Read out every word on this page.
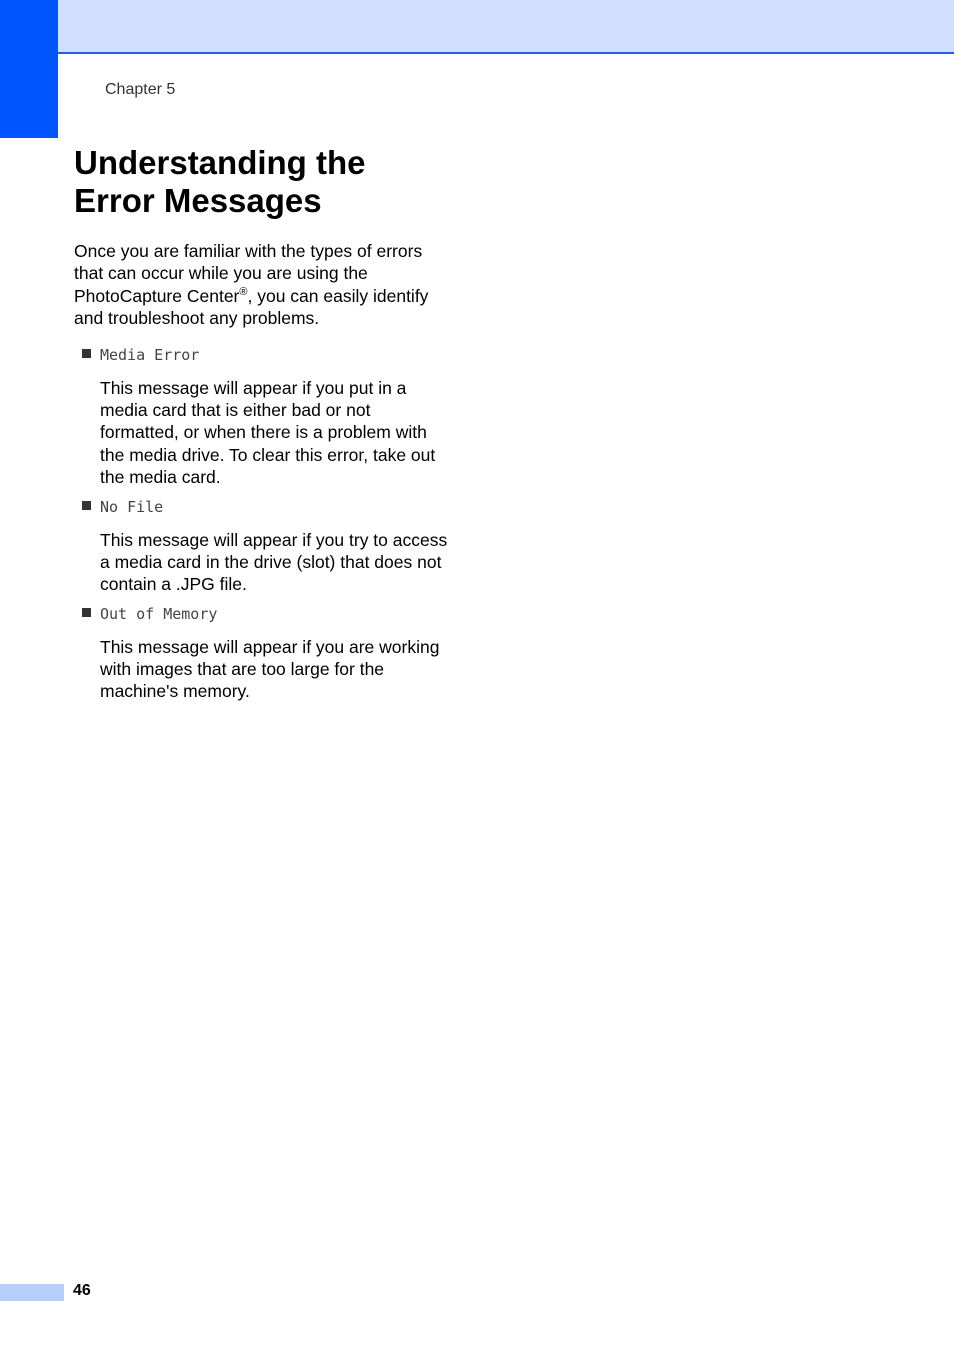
Chapter 5
Understanding the
Error Messages

Once you are familiar with the types of errors that can occur while you are using the PhotoCapture Center®, you can easily identify and troubleshoot any problems.

Media Error

This message will appear if you put in a media card that is either bad or not formatted, or when there is a problem with the media drive. To clear this error, take out the media card.

No File

This message will appear if you try to access a media card in the drive (slot) that does not contain a .JPG file.

Out of Memory

This message will appear if you are working with images that are too large for the machine's memory.

46
